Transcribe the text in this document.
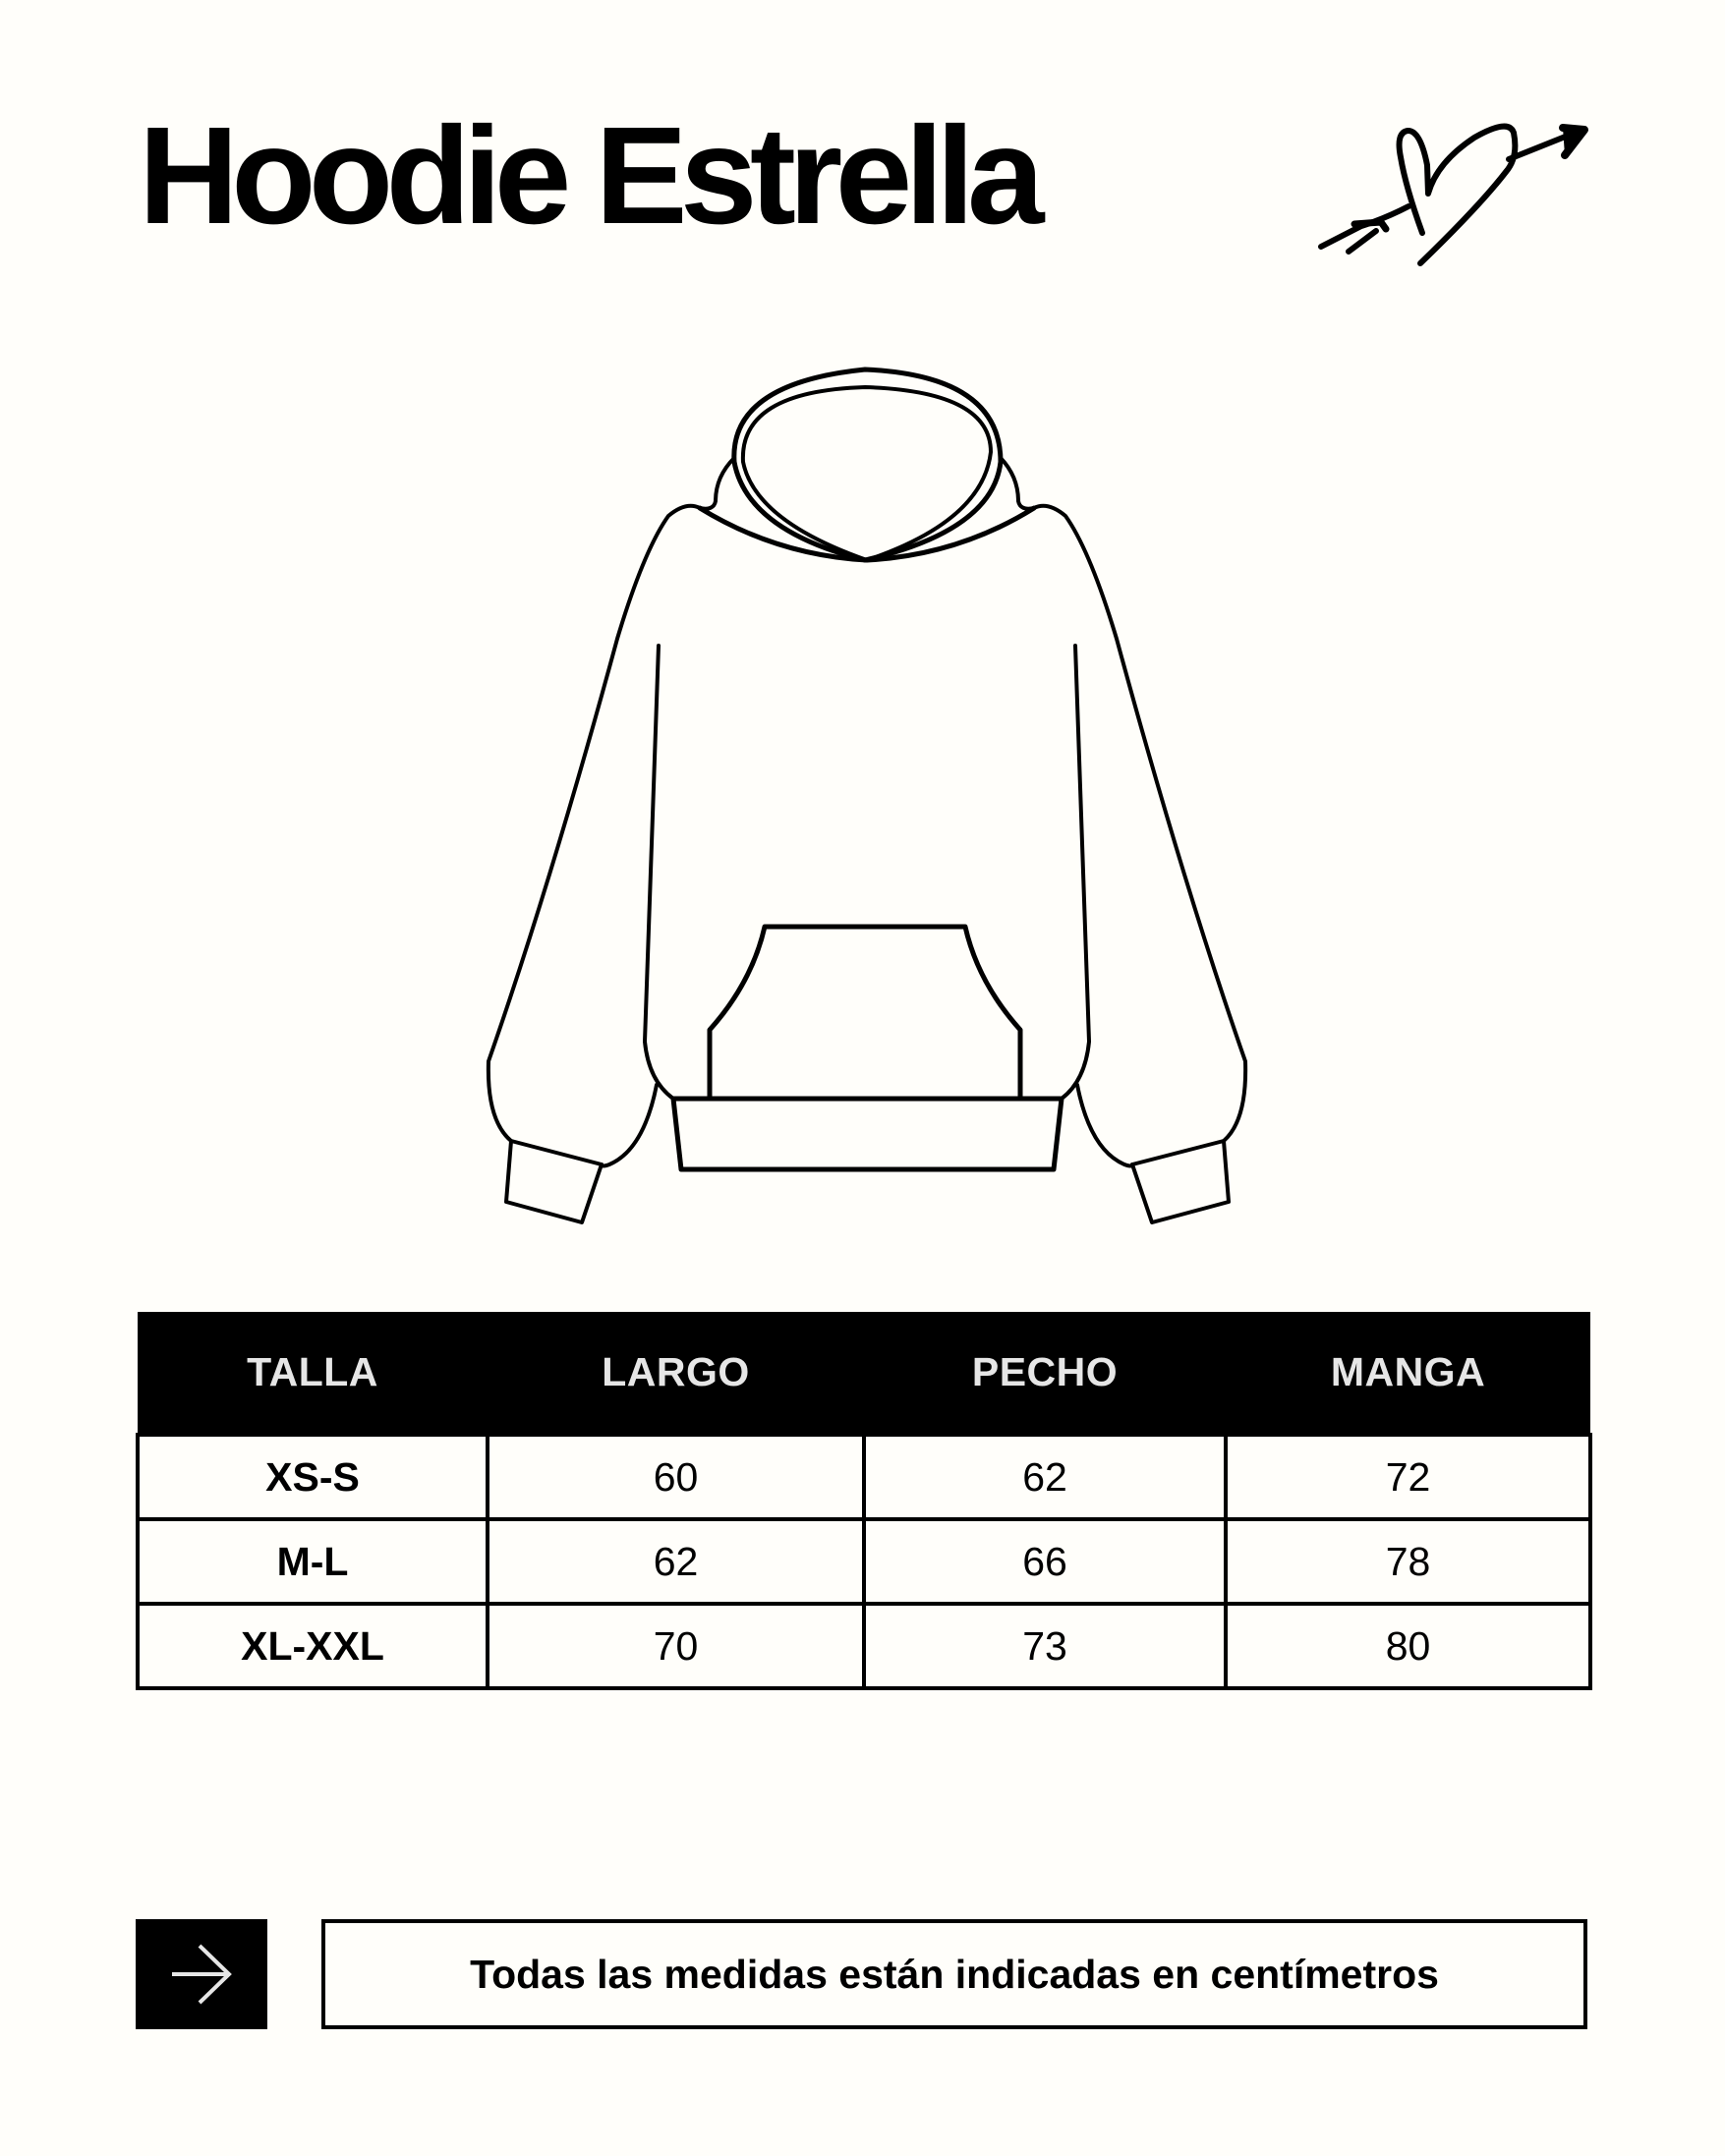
Hoodie Estrella
TALLA	LARGO	PECHO	MANGA
XS-S	60	62	72
M-L	62	66	78
XL-XXL	70	73	80
Todas las medidas están indicadas en centímetros
